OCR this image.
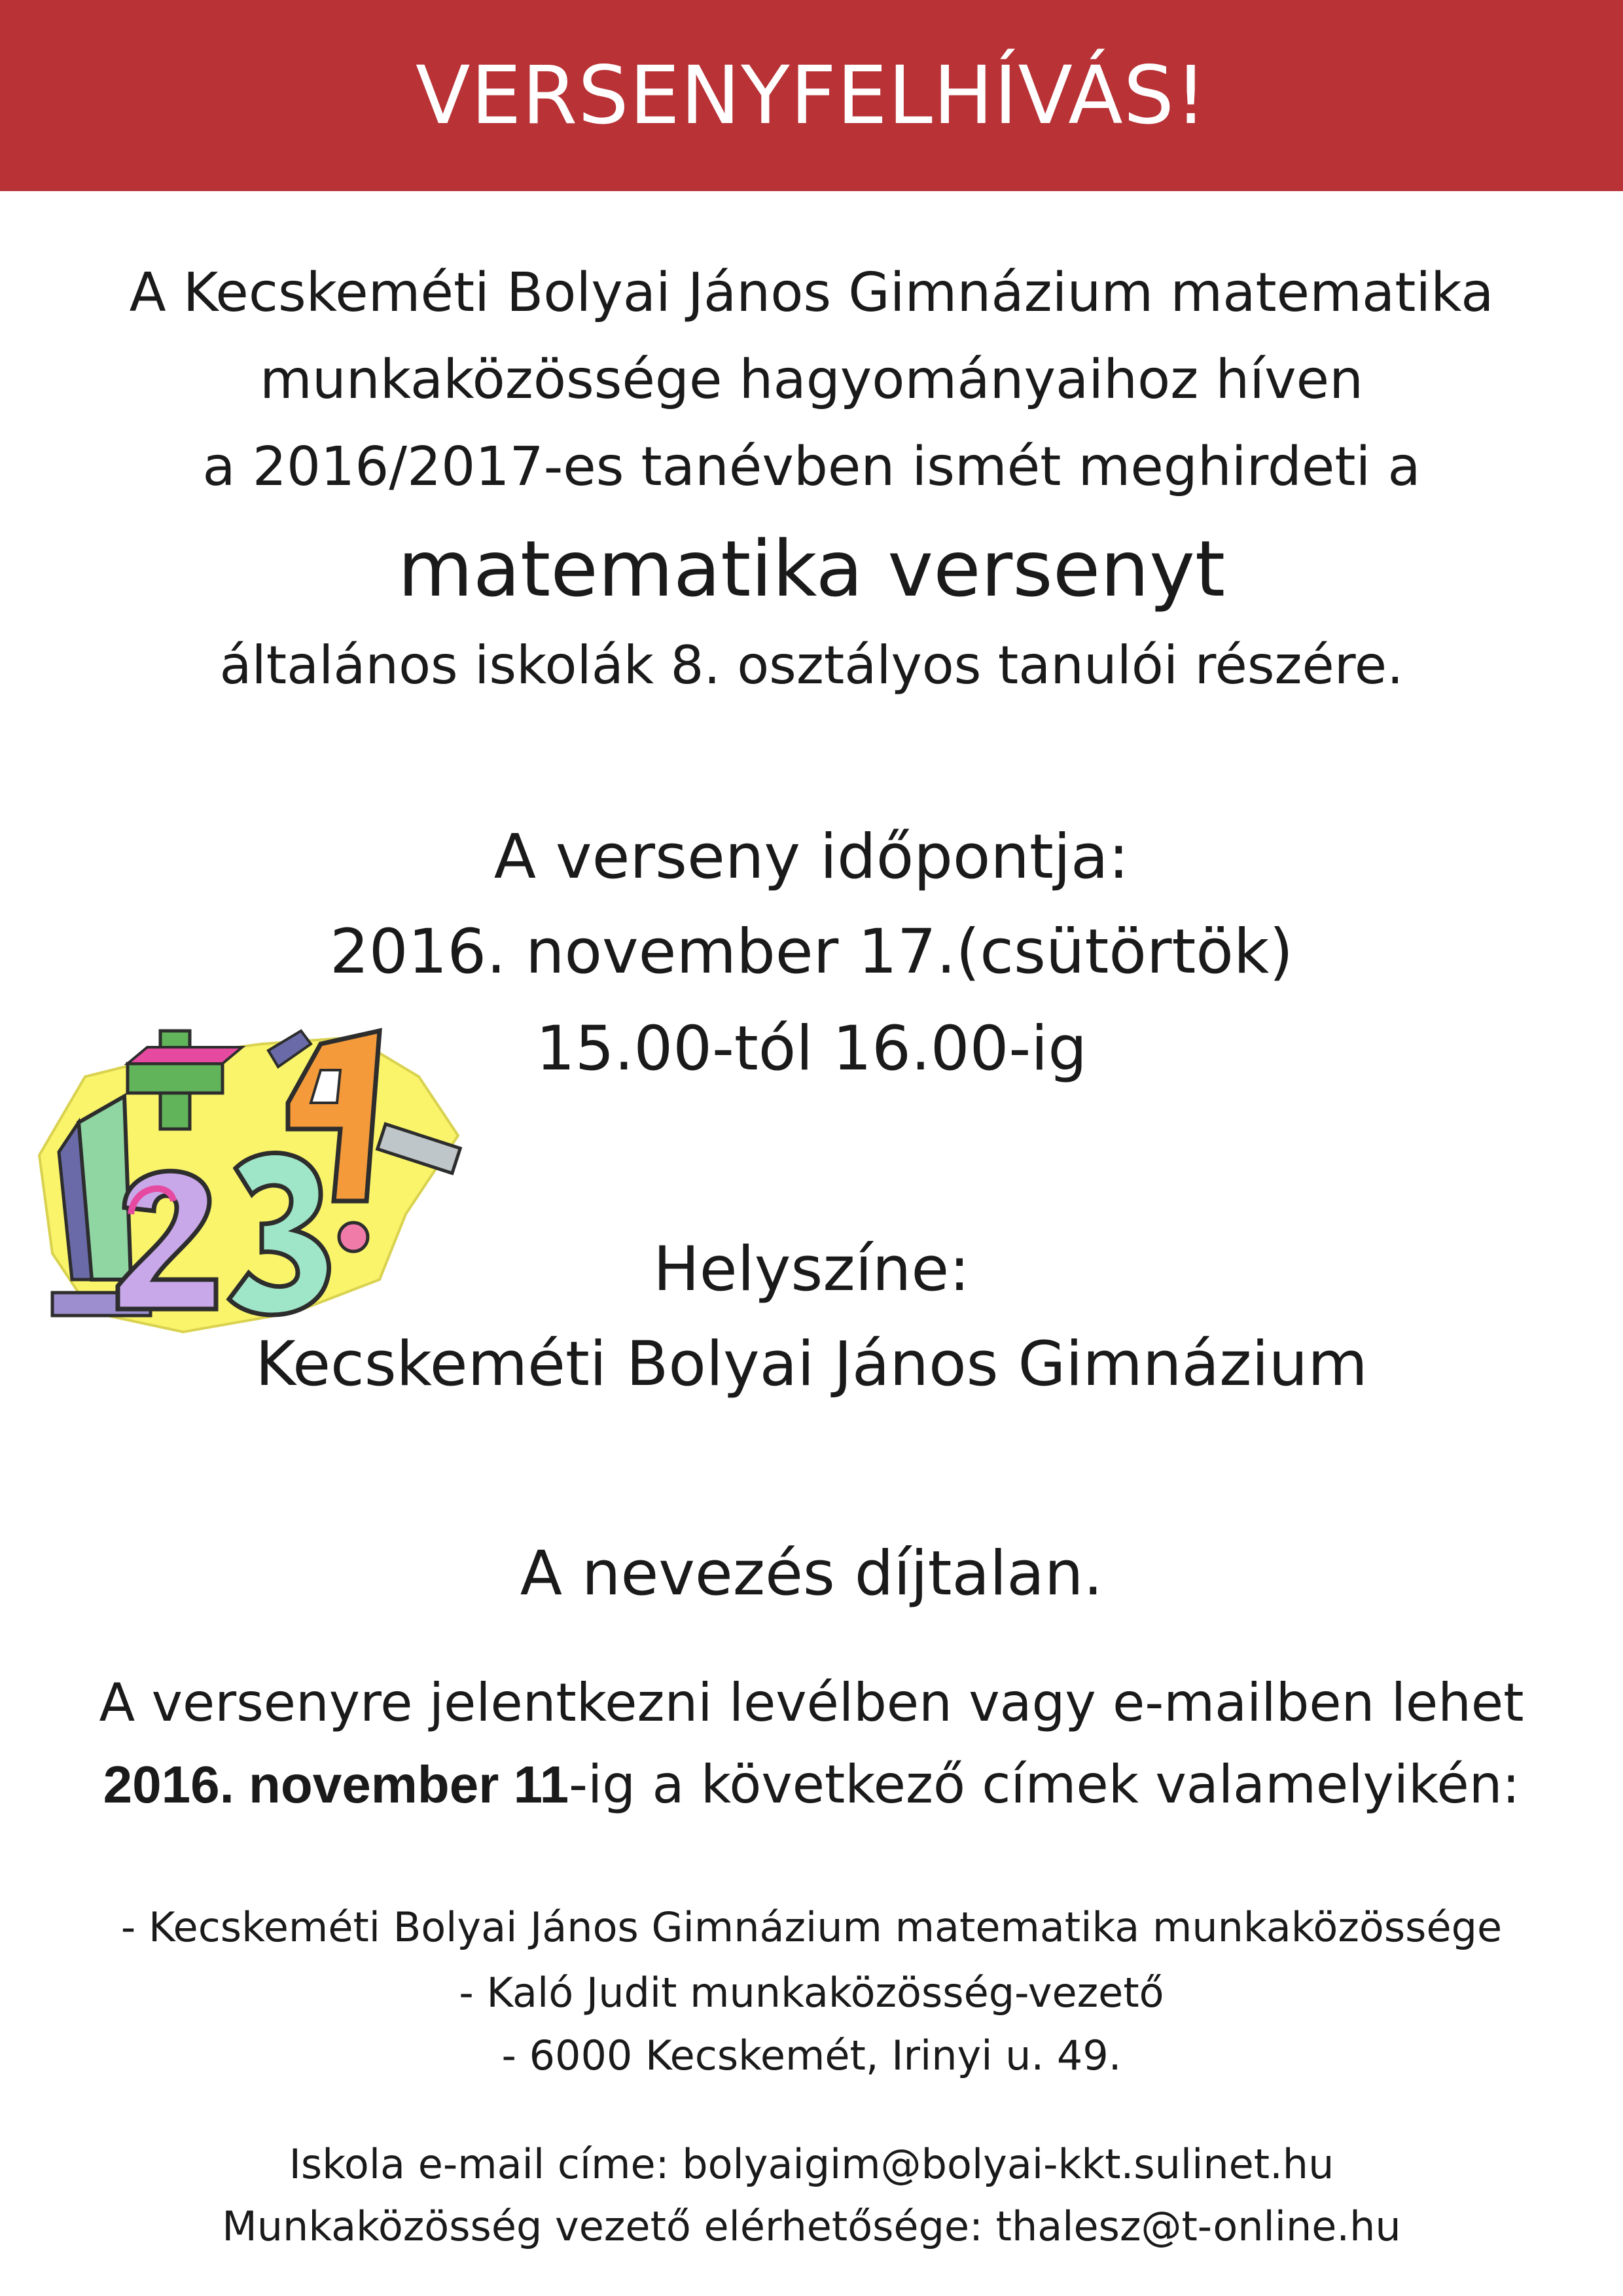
VERSENYFELHÍVÁS!
A Kecskeméti Bolyai János Gimnázium matematika
munkaközössége hagyományaihoz híven
a 2016/2017-es tanévben ismét meghirdeti a
matematika versenyt
általános iskolák 8. osztályos tanulói részére.
A verseny időpontja:
2016. november 17.(csütörtök)
15.00-tól 16.00-ig
Helyszíne:
Kecskeméti Bolyai János Gimnázium
A nevezés díjtalan.
A versenyre jelentkezni levélben vagy e-mailben lehet
2016. november 11-ig a következő címek valamelyikén:
- Kecskeméti Bolyai János Gimnázium matematika munkaközössége
- Kaló Judit munkaközösség-vezető
- 6000 Kecskemét, Irinyi u. 49.
Iskola e-mail címe: bolyaigim@bolyai-kkt.sulinet.hu
Munkaközösség vezető elérhetősége: thalesz@t-online.hu
